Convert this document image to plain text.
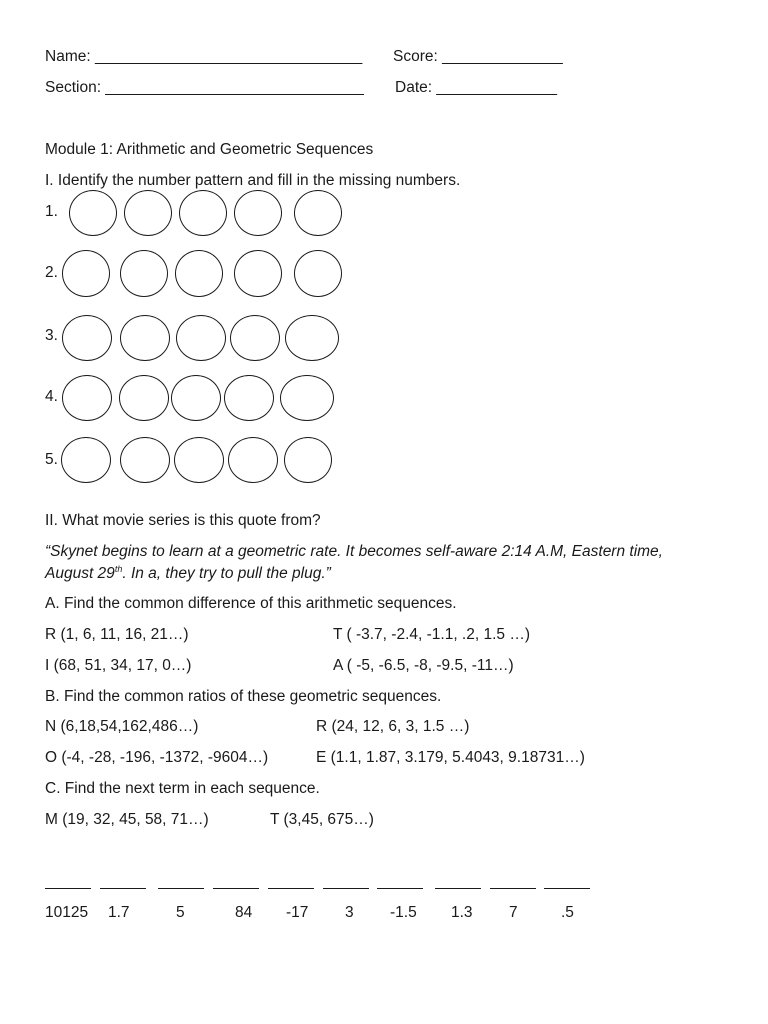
Name: _______________________________ Score: ______________
Section: ______________________________ Date: ______________
Module 1: Arithmetic and Geometric Sequences
I. Identify the number pattern and fill in the missing numbers.
1.
2.
3.
4.
5.
II. What movie series is this quote from?
“Skynet begins to learn at a geometric rate. It becomes self-aware 2:14 A.M, Eastern time,
August 29th. In a, they try to pull the plug.”
A. Find the common difference of this arithmetic sequences.
R (1, 6, 11, 16, 21…)	T ( -3.7, -2.4, -1.1, .2, 1.5 …)
I (68, 51, 34, 17, 0…)	A ( -5, -6.5, -8, -9.5, -11…)
B. Find the common ratios of these geometric sequences.
N (6,18,54,162,486…)	R (24, 12, 6, 3, 1.5 …)
O (-4, -28, -196, -1372, -9604…)	E (1.1, 1.87, 3.179, 5.4043, 9.18731…)
C. Find the next term in each sequence.
M (19, 32, 45, 58, 71…)	T (3,45, 675…)
10125 1.7	5	84 -17 3 -1.5 1.3 7	.5
